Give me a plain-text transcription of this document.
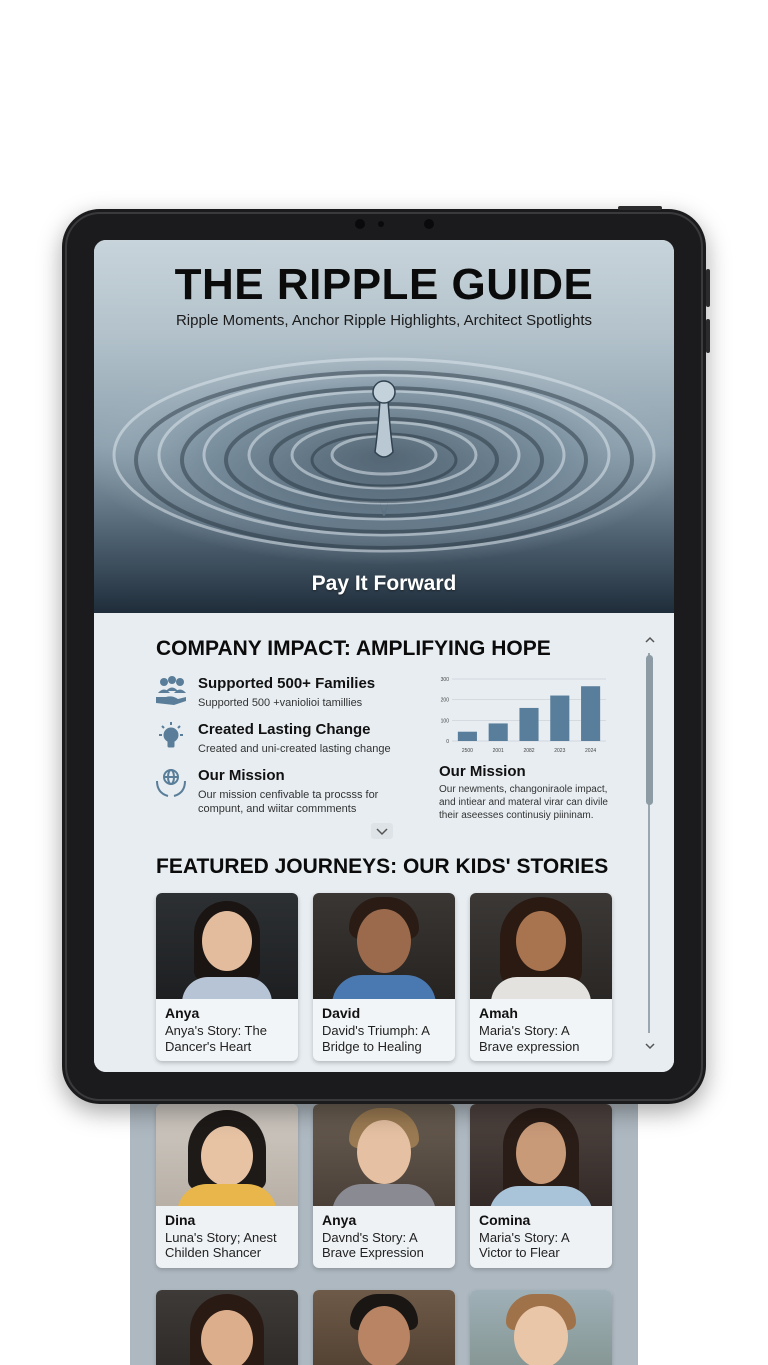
Dina
Luna's Story; Anest Childen Shancer
Anya
Davnd's Story: A Brave Expression
Comina
Maria's Story: A Victor to Flear
THE RIPPLE GUIDE
Ripple Moments, Anchor Ripple Highlights, Architect Spotlights
Pay It Forward
COMPANY IMPACT: AMPLIFYING HOPE
Supported 500+ Families
Supported 500 +vaniolioi tamillies
Created Lasting Change
Created and uni-created lasting change
Our Mission
Our mission cenfivable ta procsss for compunt, and wiitar commments
0
100
200
300
2500	2001	2082	2023	2024
Our Mission
Our newments, changoniraole impact, and intiear and materal virar can divile their aseesses continusiy piininam.
FEATURED JOURNEYS: OUR KIDS' STORIES
Anya
Anya's Story: The Dancer's Heart
David
David's Triumph: A Bridge to Healing
Amah
Maria's Story: A Brave expression
